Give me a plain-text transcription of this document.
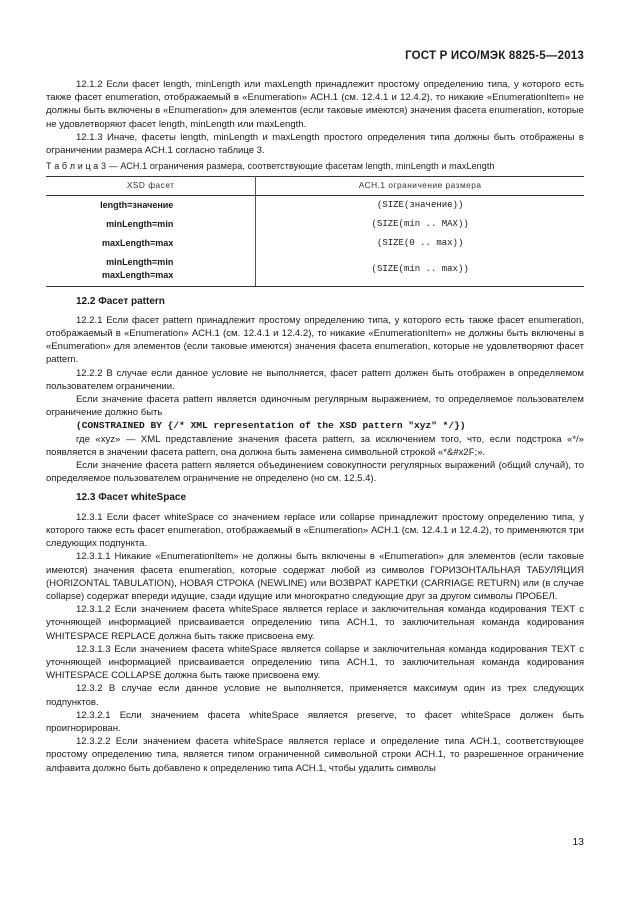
ГОСТ Р ИСО/МЭК 8825-5—2013

12.1.2 Если фасет length, minLength или maxLength принадлежит простому определению типа, у которого есть также фасет enumeration, отображаемый в «Enumeration» АСН.1 (см. 12.4.1 и 12.4.2), то никакие «EnumerationItem» не должны быть включены в «Enumeration» для элементов (если таковые имеются) значения фасета enumeration, которые не удовлетворяют фасет length, minLength или maxLength.

12.1.3 Иначе, фасеты length, minLength и maxLength простого определения типа должны быть отображены в ограничении размера АСН.1 согласно таблице 3.

Т а б л и ц а 3 — АСН.1 ограничения размера, соответствующие фасетам length, minLength и maxLength
XSD фасет	АСН.1 ограничение размера
length=значение	(SIZE(значение))
minLength=min	(SIZE(min .. MAX))
maxLength=max	(SIZE(0 .. max))
minLength=min maxLength=max	(SIZE(min .. max))
12.2 Фасет pattern

12.2.1 Если фасет pattern принадлежит простому определению типа, у которого есть также фасет enumeration, отображаемый в «Enumeration» АСН.1 (см. 12.4.1 и 12.4.2), то никакие «EnumerationItem» не должны быть включены в «Enumeration» для элементов (если таковые имеются) значения фасета enumeration, которые не удовлетворяют фасет pattern.

12.2.2 В случае если данное условие не выполняется, фасет pattern должен быть отображен в определяемом пользователем ограничении.

Если значение фасета pattern является одиночным регулярным выражением, то определяемое пользователем ограничение должно быть

(CONSTRAINED BY {/* XML representation of the XSD pattern "xyz" */})

где «xyz» — XML представление значения фасета pattern, за исключением того, что, если подстрока «*/» появляется в значении фасета pattern, она должна быть заменена символьной строкой «*&#x2F;».

Если значение фасета pattern является объединением совокупности регулярных выражений (общий случай), то определяемое пользователем ограничение не определено (но см. 12.5.4).

12.3 Фасет whiteSpace

12.3.1 Если фасет whiteSpace со значением replace или collapse принадлежит простому определению типа, у которого также есть фасет enumeration, отображаемый в «Enumeration» АСН.1 (см. 12.4.1 и 12.4.2), то применяются три следующих подпункта.

12.3.1.1 Никакие «EnumerationItem» не должны быть включены в «Enumeration» для элементов (если таковые имеются) значения фасета enumeration, которые содержат любой из символов ГОРИЗОНТАЛЬНАЯ ТАБУЛЯЦИЯ (HORIZONTAL TABULATION), НОВАЯ СТРОКА (NEWLINE) или ВОЗВРАТ КАРЕТКИ (CARRIAGE RETURN) или (в случае collapse) содержат впереди идущие, сзади идущие или многократно следующие друг за другом символы ПРОБЕЛ.

12.3.1.2 Если значением фасета whiteSpace является replace и заключительная команда кодирования TEXT с уточняющей информацией присваивается определению типа АСН.1, то заключительная команда кодирования WHITESPACE REPLACE должна быть также присвоена ему.

12.3.1.3 Если значением фасета whiteSpace является collapse и заключительная команда кодирования TEXT с уточняющей информацией присваивается определению типа АСН.1, то заключительная команда кодирования WHITESPACE COLLAPSE должна быть также присвоена ему.

12.3.2 В случае если данное условие не выполняется, применяется максимум один из трех следующих подпунктов.

12.3.2.1 Если значением фасета whiteSpace является preserve, то фасет whiteSpace должен быть проигнорирован.

12.3.2.2 Если значением фасета whiteSpace является replace и определение типа АСН.1, соответствующее простому определению типа, является типом ограниченной символьной строки АСН.1, то разрешенное ограничение алфавита должно быть добавлено к определению типа АСН.1, чтобы удалить символы

13
